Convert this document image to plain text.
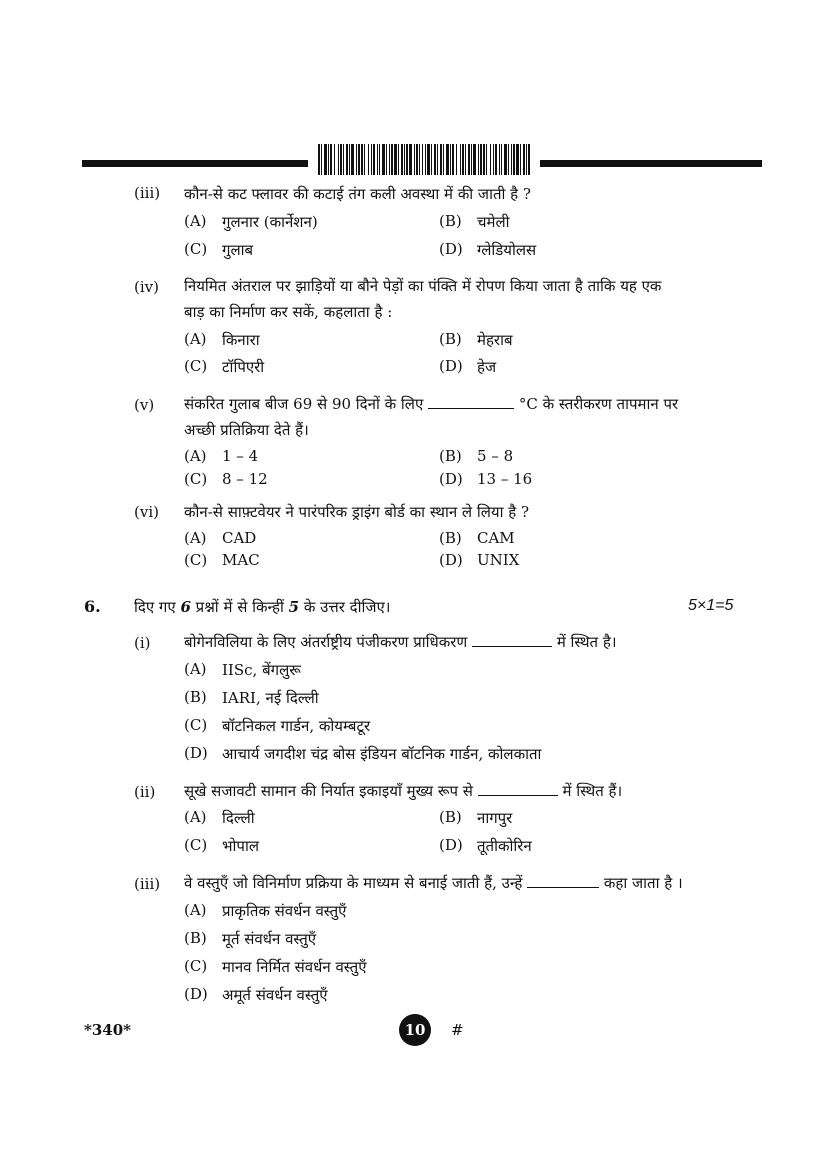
(iii) कौन-से कट फ्लावर की कटाई तंग कली अवस्था में की जाती है ?
(A) गुलनार (कार्नेशन)	(B) चमेली
(C) गुलाब	(D) ग्लेडियोलस
(iv) नियमित अंतराल पर झाड़ियों या बौने पेड़ों का पंक्ति में रोपण किया जाता है ताकि यह एक
बाड़ का निर्माण कर सकें, कहलाता है :
(A) किनारा	(B) मेहराब
(C) टॉपिएरी	(D) हेज
(v) संकरित गुलाब बीज 69 से 90 दिनों के लिए	°C के स्तरीकरण तापमान पर
अच्छी प्रतिक्रिया देते हैं।
(A) 1 – 4	(B) 5 – 8
(C) 8 – 12	(D) 13 – 16
(vi) कौन-से साफ़्टवेयर ने पारंपरिक ड्राइंग बोर्ड का स्थान ले लिया है ?
(A) CAD	(B) CAM
(C) MAC	(D) UNIX
6. दिए गए 6 प्रश्नों में से किन्हीं 5 के उत्तर दीजिए।	5×1=5
(i) बोगेनविलिया के लिए अंतर्राष्ट्रीय पंजीकरण प्राधिकरण	में स्थित है।
(A) IISc, बेंगलुरू
(B) IARI, नई दिल्ली
(C) बॉटनिकल गार्डन, कोयम्बटूर
(D) आचार्य जगदीश चंद्र बोस इंडियन बॉटनिक गार्डन, कोलकाता
(ii) सूखे सजावटी सामान की निर्यात इकाइयाँ मुख्य रूप से	में स्थित हैं।
(A) दिल्ली	(B) नागपुर
(C) भोपाल	(D) तूतीकोरिन
(iii) वे वस्तुएँ जो विनिर्माण प्रक्रिया के माध्यम से बनाई जाती हैं, उन्हें	कहा जाता है ।
(A) प्राकृतिक संवर्धन वस्तुएँ
(B) मूर्त संवर्धन वस्तुएँ
(C) मानव निर्मित संवर्धन वस्तुएँ
(D) अमूर्त संवर्धन वस्तुएँ
*340*	10	#
